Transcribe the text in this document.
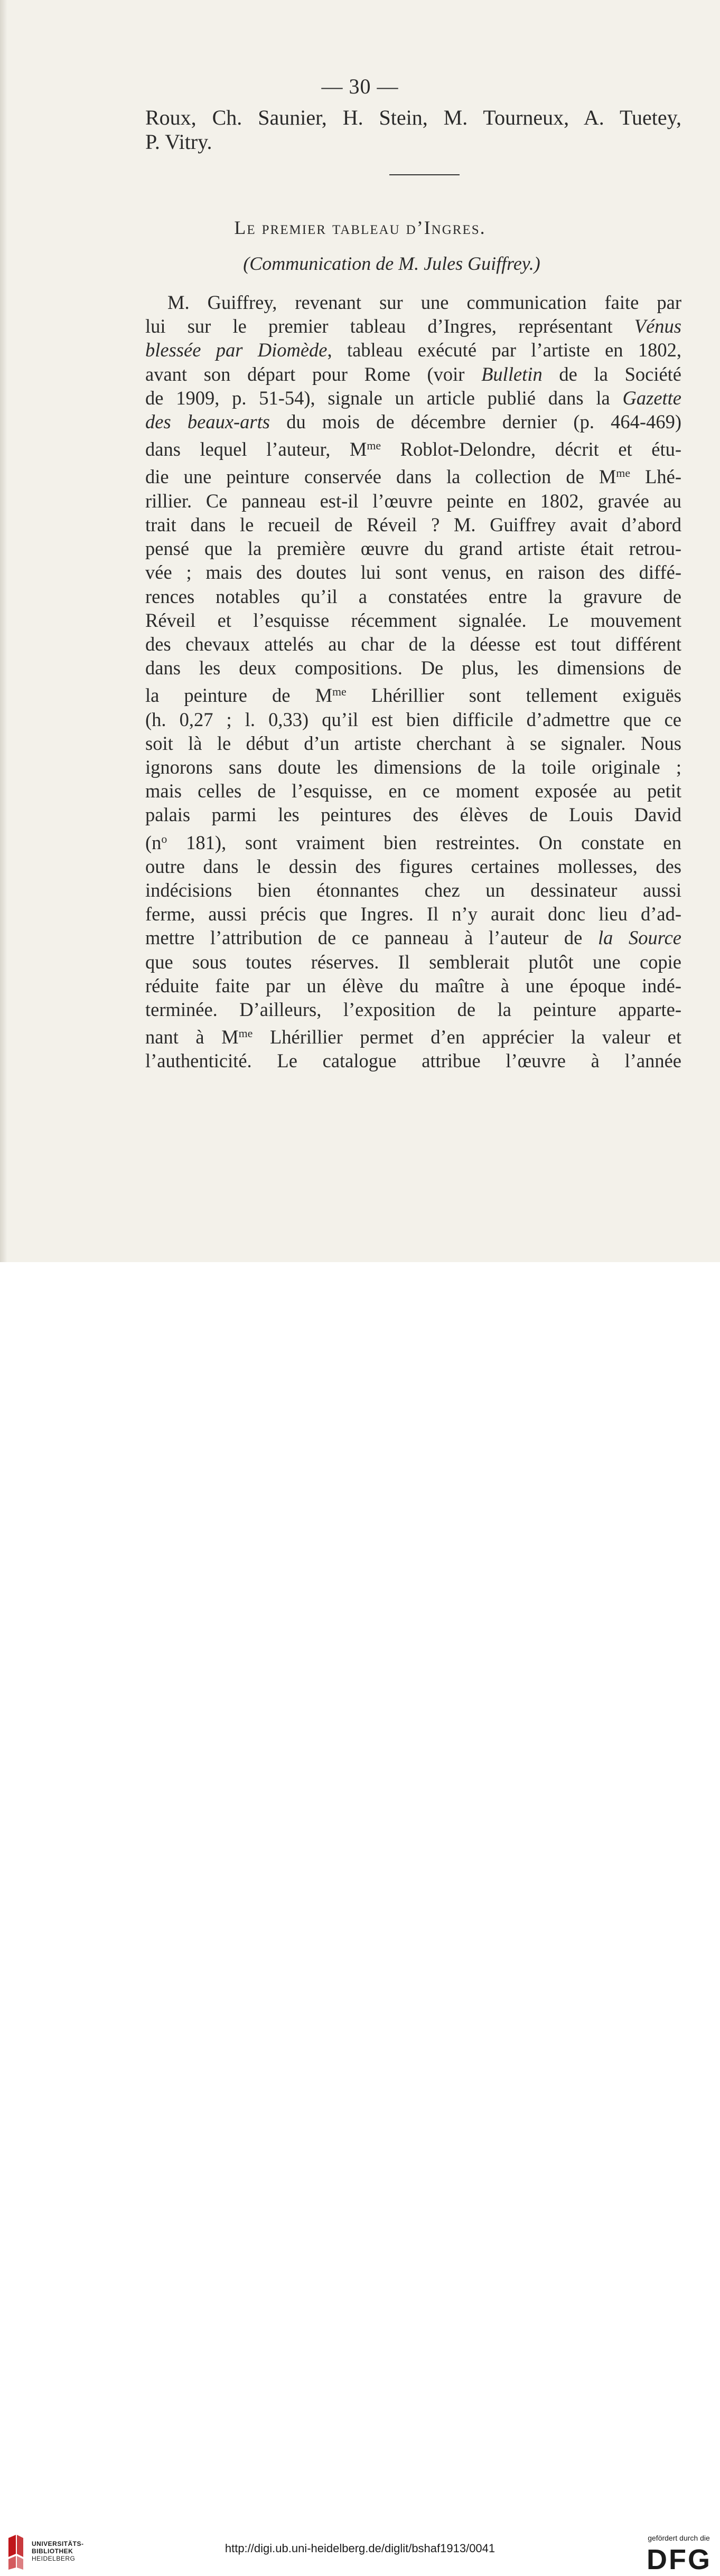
— 30 —
Roux, Ch. Saunier, H. Stein, M. Tourneux, A. Tuetey,
P. Vitry.
Le premier tableau d’Ingres.
(Communication de M. Jules Guiffrey.)
M. Guiffrey, revenant sur une communication faite par
lui sur le premier tableau d’Ingres, représentant Vénus
blessée par Diomède, tableau exécuté par l’artiste en 1802,
avant son départ pour Rome (voir Bulletin de la Société
de 1909, p. 51-54), signale un article publié dans la Gazette
des beaux-arts du mois de décembre dernier (p. 464-469)
dans lequel l’auteur, $M^{me}$ Roblot-Delondre, décrit et étu-
die une peinture conservée dans la collection de $M^{me}$ Lhé-
rillier. Ce panneau est-il l’œuvre peinte en 1802, gravée au
trait dans le recueil de Réveil ? M. Guiffrey avait d’abord
pensé que la première œuvre du grand artiste était retrou-
vée ; mais des doutes lui sont venus, en raison des diffé-
rences notables qu’il a constatées entre la gravure de
Réveil et l’esquisse récemment signalée. Le mouvement
des chevaux attelés au char de la déesse est tout différent
dans les deux compositions. De plus, les dimensions de
la peinture de $M^{me}$ Lhérillier sont tellement exiguës
(h. 0,27 ; l. 0,33) qu’il est bien difficile d’admettre que ce
soit là le début d’un artiste cherchant à se signaler. Nous
ignorons sans doute les dimensions de la toile originale ;
mais celles de l’esquisse, en ce moment exposée au petit
palais parmi les peintures des élèves de Louis David
($n^o$ 181), sont vraiment bien restreintes. On constate en
outre dans le dessin des figures certaines mollesses, des
indécisions bien étonnantes chez un dessinateur aussi
ferme, aussi précis que Ingres. Il n’y aurait donc lieu d’ad-
mettre l’attribution de ce panneau à l’auteur de la Source
que sous toutes réserves. Il semblerait plutôt une copie
réduite faite par un élève du maître à une époque indé-
terminée. D’ailleurs, l’exposition de la peinture apparte-
nant à $M^{me}$ Lhérillier permet d’en apprécier la valeur et
l’authenticité. Le catalogue attribue l’œuvre à l’année
UNIVERSITÄTS-
BIBLIOTHEK
HEIDELBERG
http://digi.ub.uni-heidelberg.de/diglit/bshaf1913/0041
gefördert durch die
DFG
